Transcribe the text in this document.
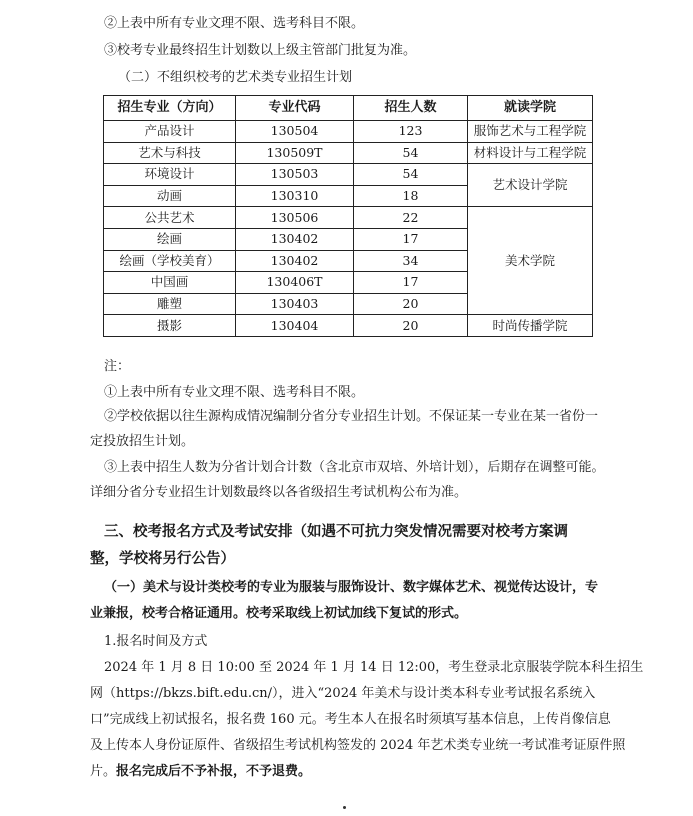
②上表中所有专业文理不限、选考科目不限。
③校考专业最终招生计划数以上级主管部门批复为准。
（二）不组织校考的艺术类专业招生计划
招生专业（方向）	专业代码	招生人数	就读学院
产品设计	130504	123	服饰艺术与工程学院
艺术与科技	130509T	54	材料设计与工程学院
环境设计	130503	54	艺术设计学院
动画	130310	18	
公共艺术	130506	22	美术学院
绘画	130402	17	
绘画（学校美育）	130402	34	
中国画	130406T	17	
雕塑	130403	20	
摄影	130404	20	时尚传播学院
注：
①上表中所有专业文理不限、选考科目不限。
②学校依据以往生源构成情况编制分省分专业招生计划。不保证某一专业在某一省份一
定投放招生计划。
③上表中招生人数为分省计划合计数（含北京市双培、外培计划），后期存在调整可能。
详细分省分专业招生计划数最终以各省级招生考试机构公布为准。
三、校考报名方式及考试安排（如遇不可抗力突发情况需要对校考方案调
整，学校将另行公告）
（一）美术与设计类校考的专业为服装与服饰设计、数字媒体艺术、视觉传达设计，专
业兼报，校考合格证通用。校考采取线上初试加线下复试的形式。
1.报名时间及方式
2024 年 1 月 8 日 10:00 至 2024 年 1 月 14 日 12:00，考生登录北京服装学院本科生招生
网（https://bkzs.bift.edu.cn/），进入“2024 年美术与设计类本科专业考试报名系统入
口”完成线上初试报名，报名费 160 元。考生本人在报名时须填写基本信息，上传肖像信息
及上传本人身份证原件、省级招生考试机构签发的 2024 年艺术类专业统一考试准考证原件照
片。报名完成后不予补报，不予退费。
